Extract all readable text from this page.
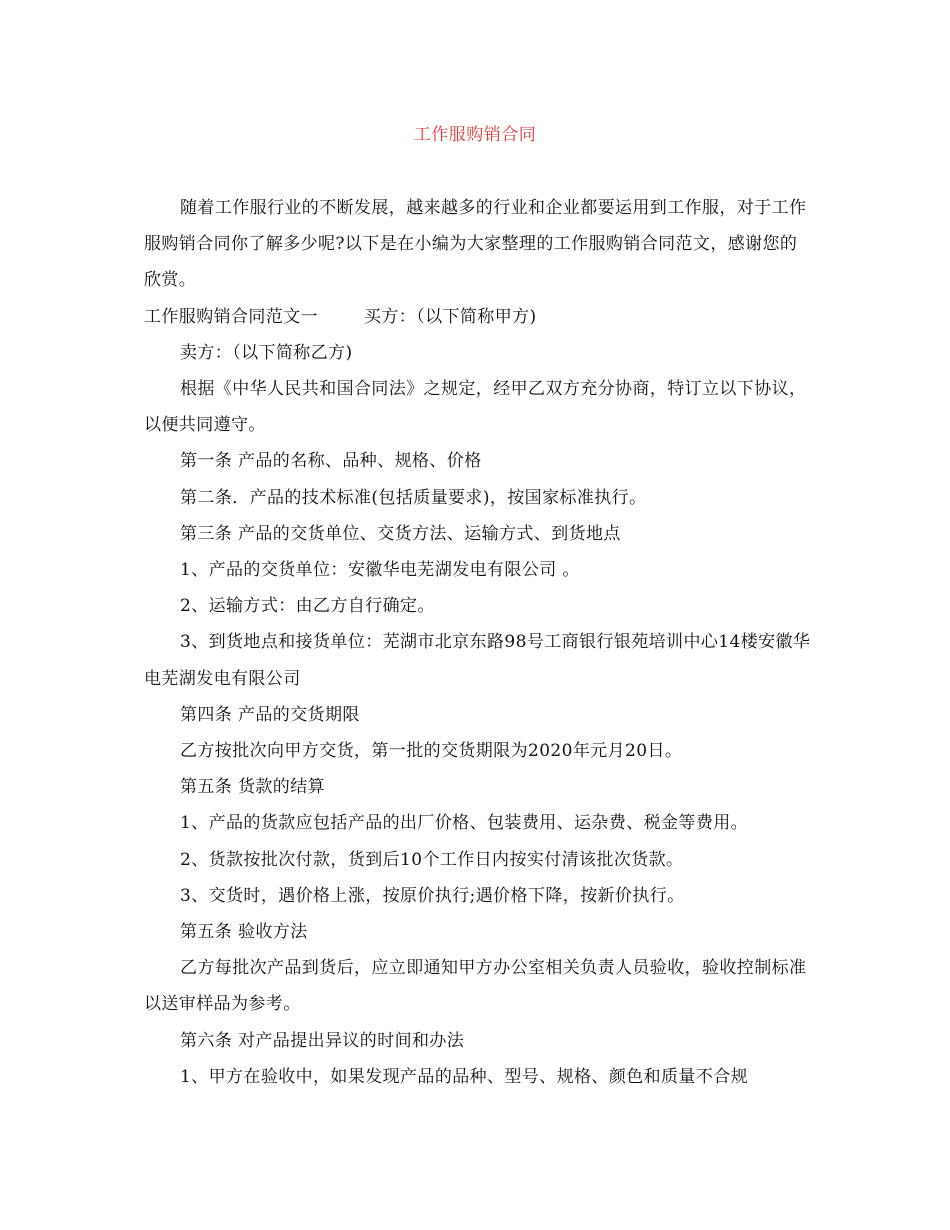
工作服购销合同

随着工作服行业的不断发展，越来越多的行业和企业都要运用到工作服，对于工作服购销合同你了解多少呢?以下是在小编为大家整理的工作服购销合同范文，感谢您的欣赏。

工作服购销合同范文一	买方：（以下简称甲方)

卖方：（以下简称乙方)

根据《中华人民共和国合同法》之规定，经甲乙双方充分协商，特订立以下协议，以便共同遵守。

第一条 产品的名称、品种、规格、价格

第二条．产品的技术标准(包括质量要求)，按国家标准执行。

第三条 产品的交货单位、交货方法、运输方式、到货地点

1、产品的交货单位：安徽华电芜湖发电有限公司 。

2、运输方式：由乙方自行确定。

3、到货地点和接货单位：芜湖市北京东路98号工商银行银苑培训中心14楼安徽华电芜湖发电有限公司

第四条 产品的交货期限

乙方按批次向甲方交货，第一批的交货期限为2020年元月20日。

第五条 货款的结算

1、产品的货款应包括产品的出厂价格、包装费用、运杂费、税金等费用。

2、货款按批次付款，货到后10个工作日内按实付清该批次货款。

3、交货时，遇价格上涨，按原价执行;遇价格下降，按新价执行。

第五条 验收方法

乙方每批次产品到货后，应立即通知甲方办公室相关负责人员验收，验收控制标准以送审样品为参考。

第六条 对产品提出异议的时间和办法

1、甲方在验收中，如果发现产品的品种、型号、规格、颜色和质量不合规
